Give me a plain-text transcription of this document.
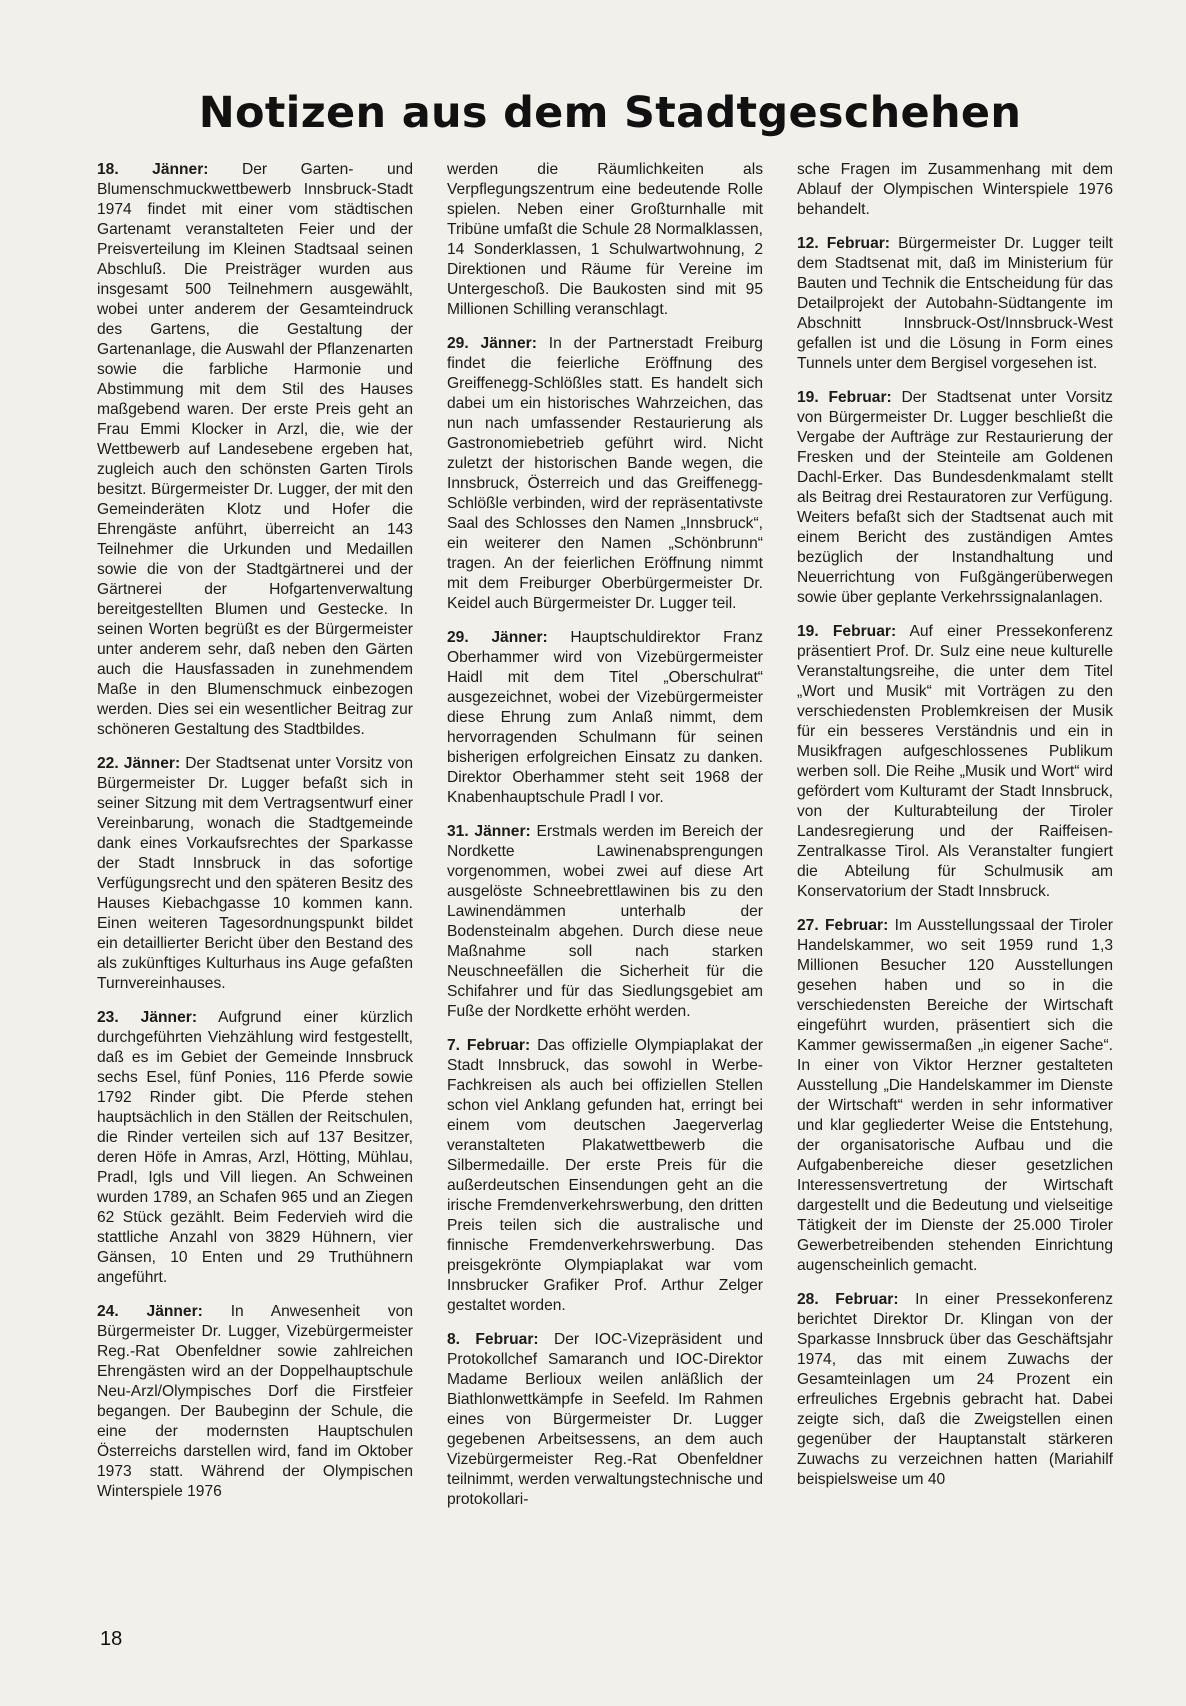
Notizen aus dem Stadtgeschehen

18. Jänner: Der Garten- und Blumenschmuckwettbewerb Innsbruck-Stadt 1974 findet mit einer vom städtischen Gartenamt veranstalteten Feier und der Preisverteilung im Kleinen Stadtsaal seinen Abschluß. Die Preisträger wurden aus insgesamt 500 Teilnehmern ausgewählt, wobei unter anderem der Gesamteindruck des Gartens, die Gestaltung der Gartenanlage, die Auswahl der Pflanzenarten sowie die farbliche Harmonie und Abstimmung mit dem Stil des Hauses maßgebend waren. Der erste Preis geht an Frau Emmi Klocker in Arzl, die, wie der Wettbewerb auf Landesebene ergeben hat, zugleich auch den schönsten Garten Tirols besitzt. Bürgermeister Dr. Lugger, der mit den Gemeinderäten Klotz und Hofer die Ehrengäste anführt, überreicht an 143 Teilnehmer die Urkunden und Medaillen sowie die von der Stadtgärtnerei und der Gärtnerei der Hofgartenverwaltung bereitgestellten Blumen und Gestecke. In seinen Worten begrüßt es der Bürgermeister unter anderem sehr, daß neben den Gärten auch die Hausfassaden in zunehmendem Maße in den Blumenschmuck einbezogen werden. Dies sei ein wesentlicher Beitrag zur schöneren Gestaltung des Stadtbildes.

22. Jänner: Der Stadtsenat unter Vorsitz von Bürgermeister Dr. Lugger befaßt sich in seiner Sitzung mit dem Vertragsentwurf einer Vereinbarung, wonach die Stadtgemeinde dank eines Vorkaufsrechtes der Sparkasse der Stadt Innsbruck in das sofortige Verfügungsrecht und den späteren Besitz des Hauses Kiebachgasse 10 kommen kann. Einen weiteren Tagesordnungspunkt bildet ein detaillierter Bericht über den Bestand des als zukünftiges Kulturhaus ins Auge gefaßten Turnvereinhauses.

23. Jänner: Aufgrund einer kürzlich durchgeführten Viehzählung wird festgestellt, daß es im Gebiet der Gemeinde Innsbruck sechs Esel, fünf Ponies, 116 Pferde sowie 1792 Rinder gibt. Die Pferde stehen hauptsächlich in den Ställen der Reitschulen, die Rinder verteilen sich auf 137 Besitzer, deren Höfe in Amras, Arzl, Hötting, Mühlau, Pradl, Igls und Vill liegen. An Schweinen wurden 1789, an Schafen 965 und an Ziegen 62 Stück gezählt. Beim Federvieh wird die stattliche Anzahl von 3829 Hühnern, vier Gänsen, 10 Enten und 29 Truthühnern angeführt.

24. Jänner: In Anwesenheit von Bürgermeister Dr. Lugger, Vizebürgermeister Reg.-Rat Obenfeldner sowie zahlreichen Ehrengästen wird an der Doppelhauptschule Neu-Arzl/Olympisches Dorf die Firstfeier begangen. Der Baubeginn der Schule, die eine der modernsten Hauptschulen Österreichs darstellen wird, fand im Oktober 1973 statt. Während der Olympischen Winterspiele 1976

werden die Räumlichkeiten als Verpflegungszentrum eine bedeutende Rolle spielen. Neben einer Großturnhalle mit Tribüne umfaßt die Schule 28 Normalklassen, 14 Sonderklassen, 1 Schulwartwohnung, 2 Direktionen und Räume für Vereine im Untergeschoß. Die Baukosten sind mit 95 Millionen Schilling veranschlagt.

29. Jänner: In der Partnerstadt Freiburg findet die feierliche Eröffnung des Greiffenegg-Schlößles statt. Es handelt sich dabei um ein historisches Wahrzeichen, das nun nach umfassender Restaurierung als Gastronomiebetrieb geführt wird. Nicht zuletzt der historischen Bande wegen, die Innsbruck, Österreich und das Greiffenegg-Schlößle verbinden, wird der repräsentativste Saal des Schlosses den Namen „Innsbruck“, ein weiterer den Namen „Schönbrunn“ tragen. An der feierlichen Eröffnung nimmt mit dem Freiburger Oberbürgermeister Dr. Keidel auch Bürgermeister Dr. Lugger teil.

29. Jänner: Hauptschuldirektor Franz Oberhammer wird von Vizebürgermeister Haidl mit dem Titel „Oberschulrat“ ausgezeichnet, wobei der Vizebürgermeister diese Ehrung zum Anlaß nimmt, dem hervorragenden Schulmann für seinen bisherigen erfolgreichen Einsatz zu danken. Direktor Oberhammer steht seit 1968 der Knabenhauptschule Pradl I vor.

31. Jänner: Erstmals werden im Bereich der Nordkette Lawinenabsprengungen vorgenommen, wobei zwei auf diese Art ausgelöste Schneebrettlawinen bis zu den Lawinendämmen unterhalb der Bodensteinalm abgehen. Durch diese neue Maßnahme soll nach starken Neuschneefällen die Sicherheit für die Schifahrer und für das Siedlungsgebiet am Fuße der Nordkette erhöht werden.

7. Februar: Das offizielle Olympiaplakat der Stadt Innsbruck, das sowohl in Werbe-Fachkreisen als auch bei offiziellen Stellen schon viel Anklang gefunden hat, erringt bei einem vom deutschen Jaegerverlag veranstalteten Plakatwettbewerb die Silbermedaille. Der erste Preis für die außerdeutschen Einsendungen geht an die irische Fremdenverkehrswerbung, den dritten Preis teilen sich die australische und finnische Fremdenverkehrswerbung. Das preisgekrönte Olympiaplakat war vom Innsbrucker Grafiker Prof. Arthur Zelger gestaltet worden.

8. Februar: Der IOC-Vizepräsident und Protokollchef Samaranch und IOC-Direktor Madame Berlioux weilen anläßlich der Biathlonwettkämpfe in Seefeld. Im Rahmen eines von Bürgermeister Dr. Lugger gegebenen Arbeitsessens, an dem auch Vizebürgermeister Reg.-Rat Obenfeldner teilnimmt, werden verwaltungstechnische und protokollari-

sche Fragen im Zusammenhang mit dem Ablauf der Olympischen Winterspiele 1976 behandelt.

12. Februar: Bürgermeister Dr. Lugger teilt dem Stadtsenat mit, daß im Ministerium für Bauten und Technik die Entscheidung für das Detailprojekt der Autobahn-Südtangente im Abschnitt Innsbruck-Ost/Innsbruck-West gefallen ist und die Lösung in Form eines Tunnels unter dem Bergisel vorgesehen ist.

19. Februar: Der Stadtsenat unter Vorsitz von Bürgermeister Dr. Lugger beschließt die Vergabe der Aufträge zur Restaurierung der Fresken und der Steinteile am Goldenen Dachl-Erker. Das Bundesdenkmalamt stellt als Beitrag drei Restauratoren zur Verfügung. Weiters befaßt sich der Stadtsenat auch mit einem Bericht des zuständigen Amtes bezüglich der Instandhaltung und Neuerrichtung von Fußgängerüberwegen sowie über geplante Verkehrssignalanlagen.

19. Februar: Auf einer Pressekonferenz präsentiert Prof. Dr. Sulz eine neue kulturelle Veranstaltungsreihe, die unter dem Titel „Wort und Musik“ mit Vorträgen zu den verschiedensten Problemkreisen der Musik für ein besseres Verständnis und ein in Musikfragen aufgeschlossenes Publikum werben soll. Die Reihe „Musik und Wort“ wird gefördert vom Kulturamt der Stadt Innsbruck, von der Kulturabteilung der Tiroler Landesregierung und der Raiffeisen-Zentralkasse Tirol. Als Veranstalter fungiert die Abteilung für Schulmusik am Konservatorium der Stadt Innsbruck.

27. Februar: Im Ausstellungssaal der Tiroler Handelskammer, wo seit 1959 rund 1,3 Millionen Besucher 120 Ausstellungen gesehen haben und so in die verschiedensten Bereiche der Wirtschaft eingeführt wurden, präsentiert sich die Kammer gewissermaßen „in eigener Sache“. In einer von Viktor Herzner gestalteten Ausstellung „Die Handelskammer im Dienste der Wirtschaft“ werden in sehr informativer und klar gegliederter Weise die Entstehung, der organisatorische Aufbau und die Aufgabenbereiche dieser gesetzlichen Interessensvertretung der Wirtschaft dargestellt und die Bedeutung und vielseitige Tätigkeit der im Dienste der 25.000 Tiroler Gewerbetreibenden stehenden Einrichtung augenscheinlich gemacht.

28. Februar: In einer Pressekonferenz berichtet Direktor Dr. Klingan von der Sparkasse Innsbruck über das Geschäftsjahr 1974, das mit einem Zuwachs der Gesamteinlagen um 24 Prozent ein erfreuliches Ergebnis gebracht hat. Dabei zeigte sich, daß die Zweigstellen einen gegenüber der Hauptanstalt stärkeren Zuwachs zu verzeichnen hatten (Mariahilf beispielsweise um 40

18
